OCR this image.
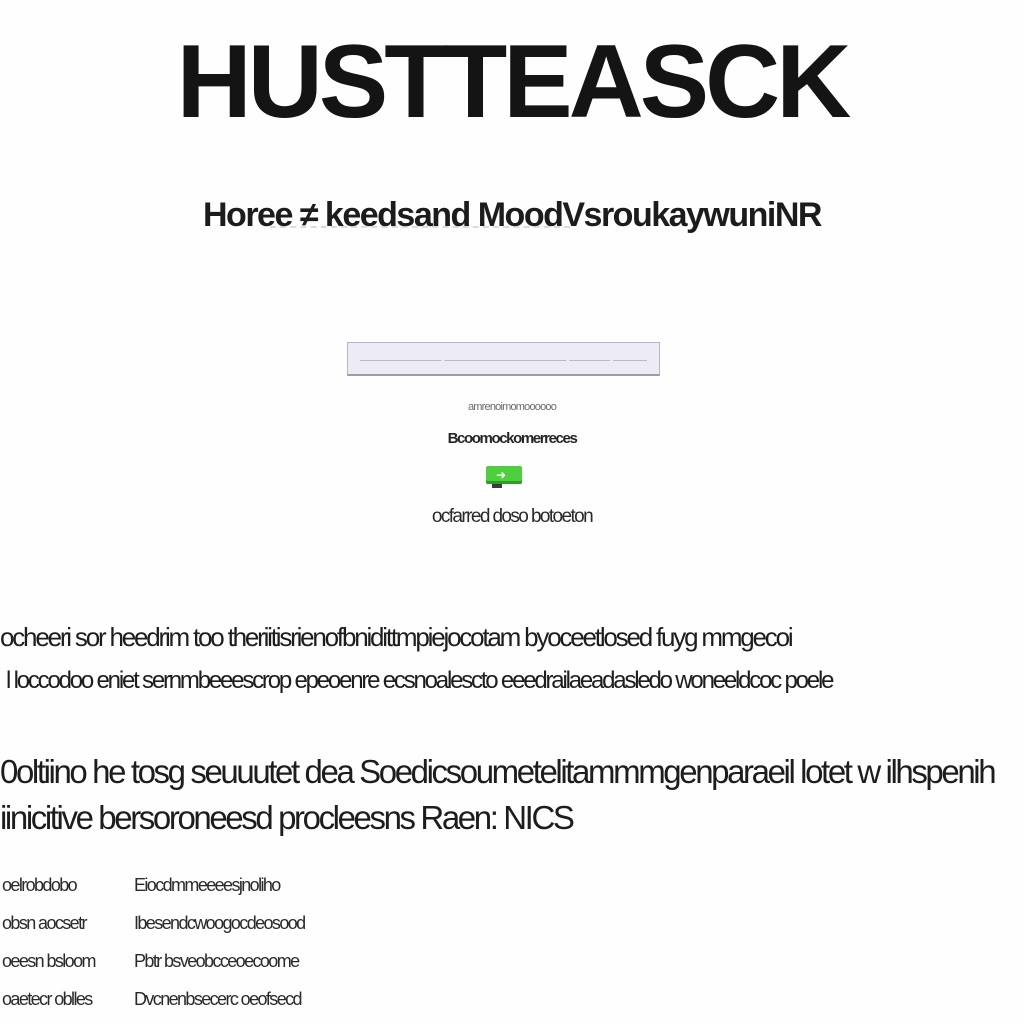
HUSTTEASCK
Horee ≠ keedsand MoodVsroukaywuniNR
—————— ————————— ——— ———
amrenoimomoooooo
Bcoomockomerreces
➜
ocfarred doso botoeton
ocheeri sor heedrim too theriitisrienofbnidittmpiejocotam byoceetlosed fuyg mmgecoi
l loccodoo eniet sernmbeeescrop epeoenre ecsnoalescto eeedrailaeadasledo woneeldcoc poele
0oltiino he tosg seuuutet dea Soedicsoumetelitammmgenparaeil lotet w ilhspenih
iinicitive bersoroneesd procleesns Raen: NICS
oelrobdobo	Eiocdmmeeeesjnoliho
obsn aocsetr	Ibesendcwoogocdeosood
oeesn bsloom	Pbtr bsveobcceoecoome
oaetecr oblles	Dvcnenbsecerc oeofsecd
